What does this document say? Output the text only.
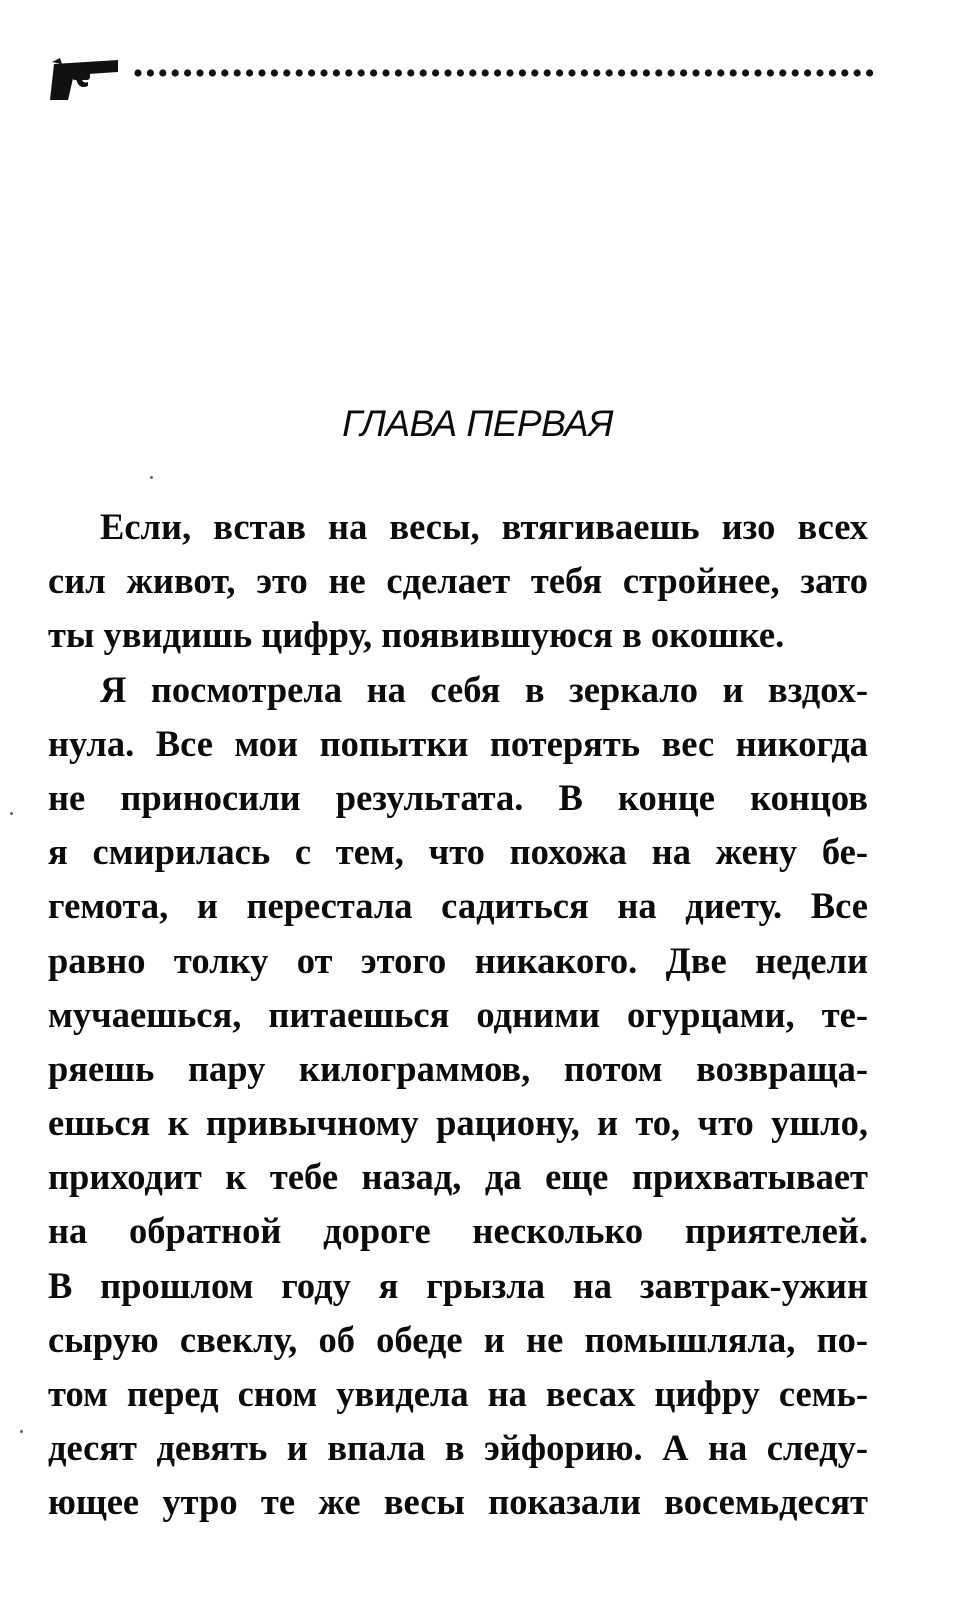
ГЛАВА ПЕРВАЯ
Если, встав на весы, втягиваешь изо всех
сил живот, это не сделает тебя стройнее, зато
ты увидишь цифру, появившуюся в окошке.
Я посмотрела на себя в зеркало и вздох-
нула. Все мои попытки потерять вес никогда
не приносили результата. В конце концов
я смирилась с тем, что похожа на жену бе-
гемота, и перестала садиться на диету. Все
равно толку от этого никакого. Две недели
мучаешься, питаешься одними огурцами, те-
ряешь пару килограммов, потом возвраща-
ешься к привычному рациону, и то, что ушло,
приходит к тебе назад, да еще прихватывает
на обратной дороге несколько приятелей.
В прошлом году я грызла на завтрак-ужин
сырую свеклу, об обеде и не помышляла, по-
том перед сном увидела на весах цифру семь-
десят девять и впала в эйфорию. А на следу-
ющее утро те же весы показали восемьдесят
